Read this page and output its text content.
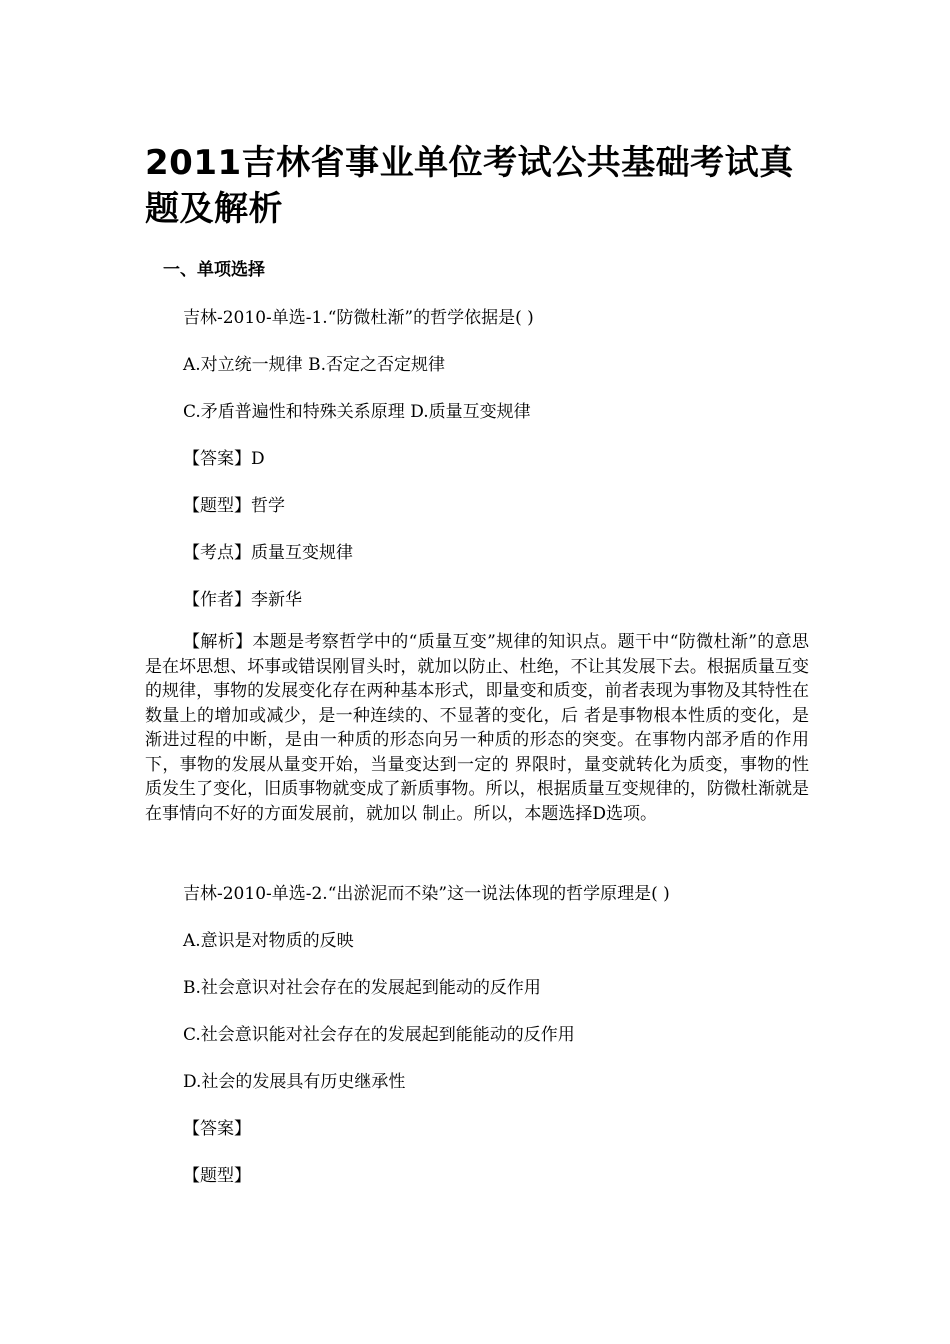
2011吉林省事业单位考试公共基础考试真题及解析

一、单项选择

吉林-2010-单选-1.“防微杜渐”的哲学依据是( )

A.对立统一规律 B.否定之否定规律

C.矛盾普遍性和特殊关系原理 D.质量互变规律

【答案】D

【题型】哲学

【考点】质量互变规律

【作者】李新华

【解析】本题是考察哲学中的“质量互变”规律的知识点。题干中“防微杜渐”的意思是在坏思想、坏事或错误刚冒头时，就加以防止、杜绝，不让其发展下去。根据质量互变的规律，事物的发展变化存在两种基本形式，即量变和质变，前者表现为事物及其特性在数量上的增加或减少，是一种连续的、不显著的变化，后 者是事物根本性质的变化，是渐进过程的中断，是由一种质的形态向另一种质的形态的突变。在事物内部矛盾的作用下，事物的发展从量变开始，当量变达到一定的 界限时，量变就转化为质变，事物的性质发生了变化，旧质事物就变成了新质事物。所以，根据质量互变规律的，防微杜渐就是在事情向不好的方面发展前，就加以 制止。所以，本题选择D选项。

吉林-2010-单选-2.“出淤泥而不染”这一说法体现的哲学原理是( )

A.意识是对物质的反映

B.社会意识对社会存在的发展起到能动的反作用

C.社会意识能对社会存在的发展起到能能动的反作用

D.社会的发展具有历史继承性

【答案】

【题型】
